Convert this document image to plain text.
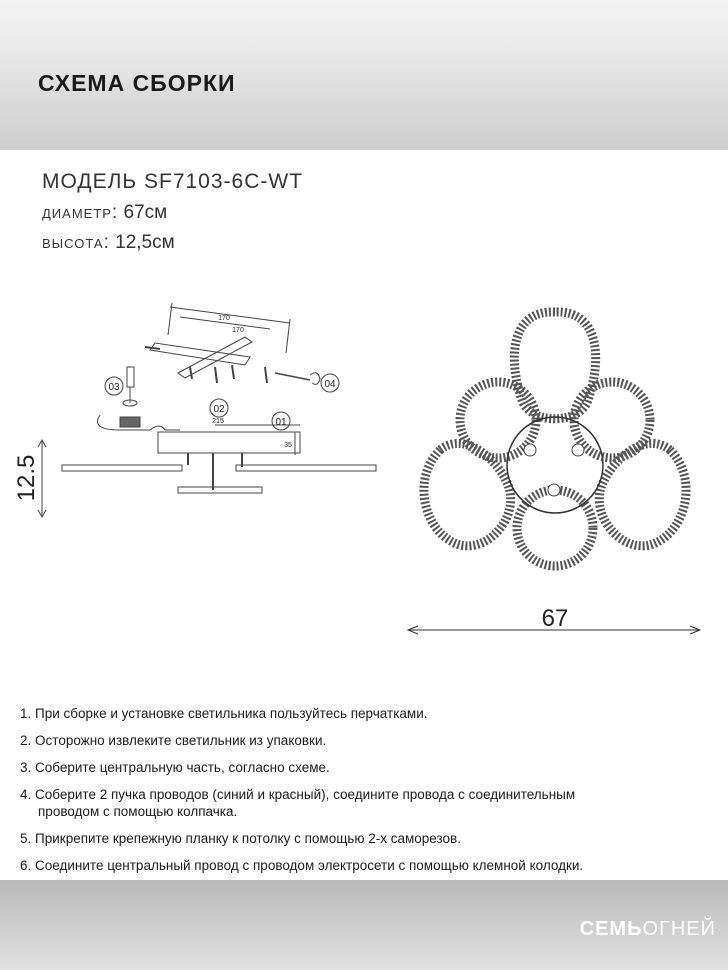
СХЕМА СБОРКИ
МОДЕЛЬ SF7103-6C-WT
диаметр: 67см
высота: 12,5см
03
02
01
04
170
170
215
35
12.5
67
1. При сборке и установке светильника пользуйтесь перчатками.
2. Осторожно извлеките светильник из упаковки.
3. Соберите центральную часть, согласно схеме.
4. Соберите 2 пучка проводов (синий и красный), соедините провода с соединительным
проводом с помощью колпачка.
5. Прикрепите крепежную планку к потолку с помощью 2-х саморезов.
6. Соедините центральный провод с проводом электросети с помощью клемной колодки.
СЕМЬОГНЕЙ
